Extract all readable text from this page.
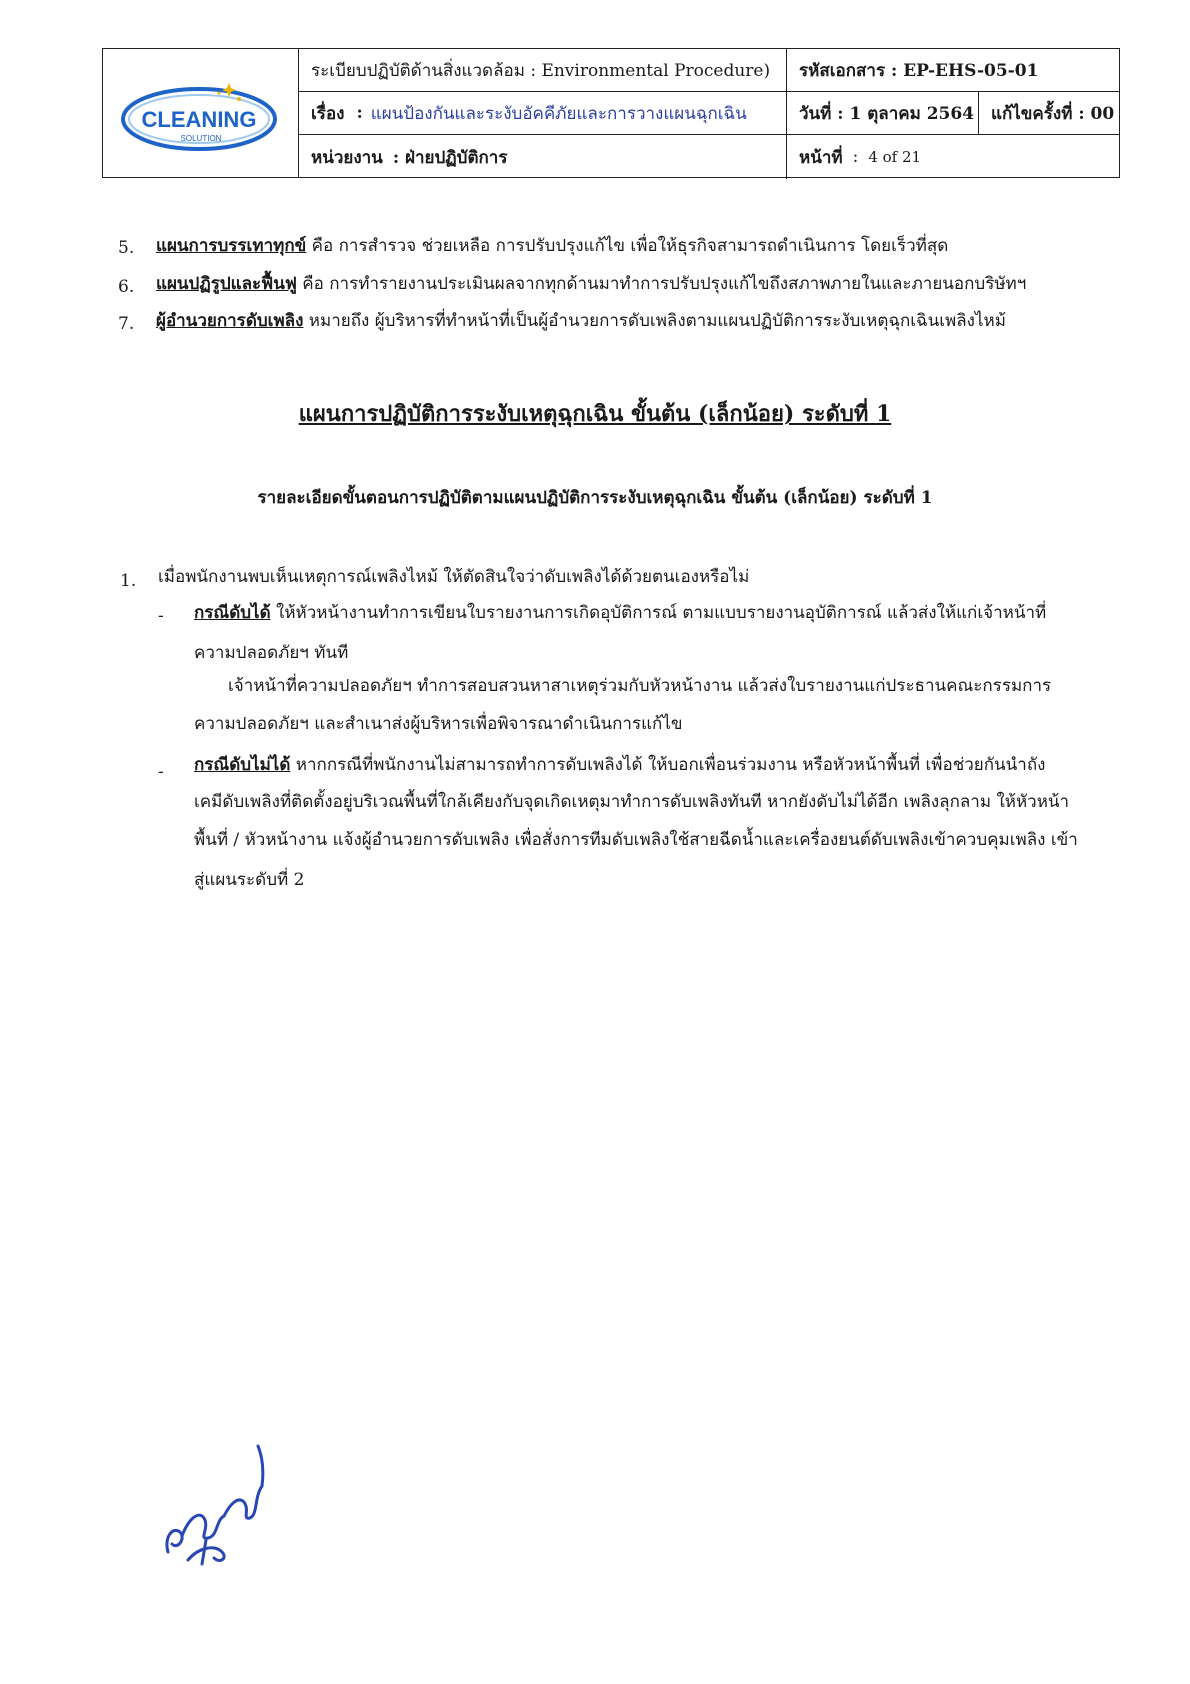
CLEANING
SOLUTION
ระเบียบปฏิบัติด้านสิ่งแวดล้อม : Environmental Procedure)	รหัสเอกสาร : EP-EHS-05-01
เรื่อง : แผนป้องกันและระงับอัคคีภัยและการวางแผนฉุกเฉิน	วันที่ : 1 ตุลาคม 2564 แก้ไขครั้งที่ : 00
หน่วยงาน : ฝ่ายปฏิบัติการ	หน้าที่ : 4 of 21
5. แผนการบรรเทาทุกข์ คือ การสำรวจ ช่วยเหลือ การปรับปรุงแก้ไข เพื่อให้ธุรกิจสามารถดำเนินการ โดยเร็วที่สุด
6. แผนปฏิรูปและฟื้นฟู คือ การทำรายงานประเมินผลจากทุกด้านมาทำการปรับปรุงแก้ไขถึงสภาพภายในและภายนอกบริษัทฯ
7. ผู้อำนวยการดับเพลิง หมายถึง ผู้บริหารที่ทำหน้าที่เป็นผู้อำนวยการดับเพลิงตามแผนปฏิบัติการระงับเหตุฉุกเฉินเพลิงไหม้
แผนการปฏิบัติการระงับเหตุฉุกเฉิน ขั้นต้น (เล็กน้อย) ระดับที่ 1
รายละเอียดขั้นตอนการปฏิบัติตามแผนปฏิบัติการระงับเหตุฉุกเฉิน ขั้นต้น (เล็กน้อย) ระดับที่ 1
1. เมื่อพนักงานพบเห็นเหตุการณ์เพลิงไหม้ ให้ตัดสินใจว่าดับเพลิงได้ด้วยตนเองหรือไม่
- กรณีดับได้ ให้หัวหน้างานทำการเขียนใบรายงานการเกิดอุบัติการณ์ ตามแบบรายงานอุบัติการณ์ แล้วส่งให้แก่เจ้าหน้าที่
ความปลอดภัยฯ ทันที
เจ้าหน้าที่ความปลอดภัยฯ ทำการสอบสวนหาสาเหตุร่วมกับหัวหน้างาน แล้วส่งใบรายงานแก่ประธานคณะกรรมการ
ความปลอดภัยฯ และสำเนาส่งผู้บริหารเพื่อพิจารณาดำเนินการแก้ไข
- กรณีดับไม่ได้ หากกรณีที่พนักงานไม่สามารถทำการดับเพลิงได้ ให้บอกเพื่อนร่วมงาน หรือหัวหน้าพื้นที่ เพื่อช่วยกันนำถัง
เคมีดับเพลิงที่ติดตั้งอยู่บริเวณพื้นที่ใกล้เคียงกับจุดเกิดเหตุมาทำการดับเพลิงทันที หากยังดับไม่ได้อีก เพลิงลุกลาม ให้หัวหน้า
พื้นที่ / หัวหน้างาน แจ้งผู้อำนวยการดับเพลิง เพื่อสั่งการทีมดับเพลิงใช้สายฉีดน้ำและเครื่องยนต์ดับเพลิงเข้าควบคุมเพลิง เข้า
สู่แผนระดับที่ 2
